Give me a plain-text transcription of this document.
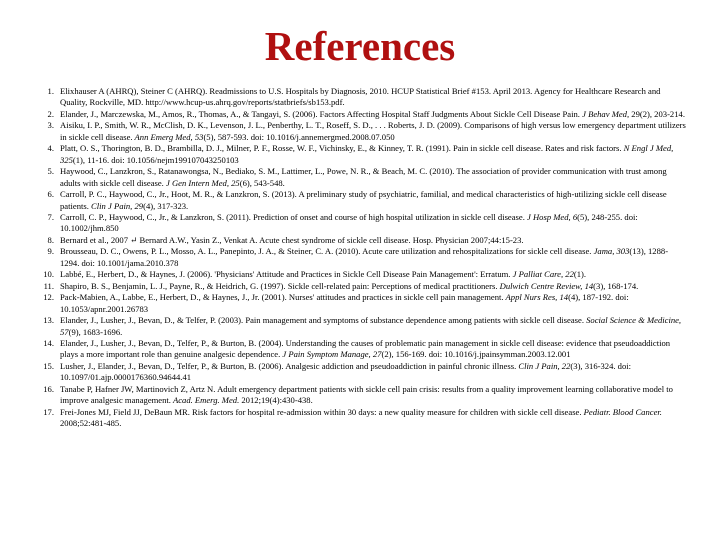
References
1. Elixhauser A (AHRQ), Steiner C (AHRQ). Readmissions to U.S. Hospitals by Diagnosis, 2010. HCUP Statistical Brief #153. April 2013. Agency for Healthcare Research and Quality, Rockville, MD. http://www.hcup-us.ahrq.gov/reports/statbriefs/sb153.pdf.
2. Elander, J., Marczewska, M., Amos, R., Thomas, A., & Tangayi, S. (2006). Factors Affecting Hospital Staff Judgments About Sickle Cell Disease Pain. J Behav Med, 29(2), 203-214.
3. Aisiku, I. P., Smith, W. R., McClish, D. K., Levenson, J. L., Penberthy, L. T., Roseff, S. D., . . . Roberts, J. D. (2009). Comparisons of high versus low emergency department utilizers in sickle cell disease. Ann Emerg Med, 53(5), 587-593. doi: 10.1016/j.annemergmed.2008.07.050
4. Platt, O. S., Thorington, B. D., Brambilla, D. J., Milner, P. F., Rosse, W. F., Vichinsky, E., & Kinney, T. R. (1991). Pain in sickle cell disease. Rates and risk factors. N Engl J Med, 325(1), 11-16. doi: 10.1056/nejm199107043250103
5. Haywood, C., Lanzkron, S., Ratanawongsa, N., Bediako, S. M., Lattimer, L., Powe, N. R., & Beach, M. C. (2010). The association of provider communication with trust among adults with sickle cell disease. J Gen Intern Med, 25(6), 543-548.
6. Carroll, P. C., Haywood, C., Jr., Hoot, M. R., & Lanzkron, S. (2013). A preliminary study of psychiatric, familial, and medical characteristics of high-utilizing sickle cell disease patients. Clin J Pain, 29(4), 317-323.
7. Carroll, C. P., Haywood, C., Jr., & Lanzkron, S. (2011). Prediction of onset and course of high hospital utilization in sickle cell disease. J Hosp Med, 6(5), 248-255. doi: 10.1002/jhm.850
8. Bernard et al., 2007 ↵ Bernard A.W., Yasin Z., Venkat A. Acute chest syndrome of sickle cell disease. Hosp. Physician 2007;44:15-23.
9. Brousseau, D. C., Owens, P. L., Mosso, A. L., Panepinto, J. A., & Steiner, C. A. (2010). Acute care utilization and rehospitalizations for sickle cell disease. Jama, 303(13), 1288-1294. doi: 10.1001/jama.2010.378
10. Labbé, E., Herbert, D., & Haynes, J. (2006). 'Physicians' Attitude and Practices in Sickle Cell Disease Pain Management': Erratum. J Palliat Care, 22(1).
11. Shapiro, B. S., Benjamin, L. J., Payne, R., & Heidrich, G. (1997). Sickle cell-related pain: Perceptions of medical practitioners. Dulwich Centre Review, 14(3), 168-174.
12. Pack-Mabien, A., Labbe, E., Herbert, D., & Haynes, J., Jr. (2001). Nurses' attitudes and practices in sickle cell pain management. Appl Nurs Res, 14(4), 187-192. doi: 10.1053/apnr.2001.26783
13. Elander, J., Lusher, J., Bevan, D., & Telfer, P. (2003). Pain management and symptoms of substance dependence among patients with sickle cell disease. Social Science & Medicine, 57(9), 1683-1696.
14. Elander, J., Lusher, J., Bevan, D., Telfer, P., & Burton, B. (2004). Understanding the causes of problematic pain management in sickle cell disease: evidence that pseudoaddiction plays a more important role than genuine analgesic dependence. J Pain Symptom Manage, 27(2), 156-169. doi: 10.1016/j.jpainsymman.2003.12.001
15. Lusher, J., Elander, J., Bevan, D., Telfer, P., & Burton, B. (2006). Analgesic addiction and pseudoaddiction in painful chronic illness. Clin J Pain, 22(3), 316-324. doi: 10.1097/01.ajp.0000176360.94644.41
16. Tanabe P, Hafner JW, Martinovich Z, Artz N. Adult emergency department patients with sickle cell pain crisis: results from a quality improvement learning collaborative model to improve analgesic management. Acad. Emerg. Med. 2012;19(4):430-438.
17. Frei-Jones MJ, Field JJ, DeBaun MR. Risk factors for hospital re-admission within 30 days: a new quality measure for children with sickle cell disease. Pediatr. Blood Cancer. 2008;52:481-485.
